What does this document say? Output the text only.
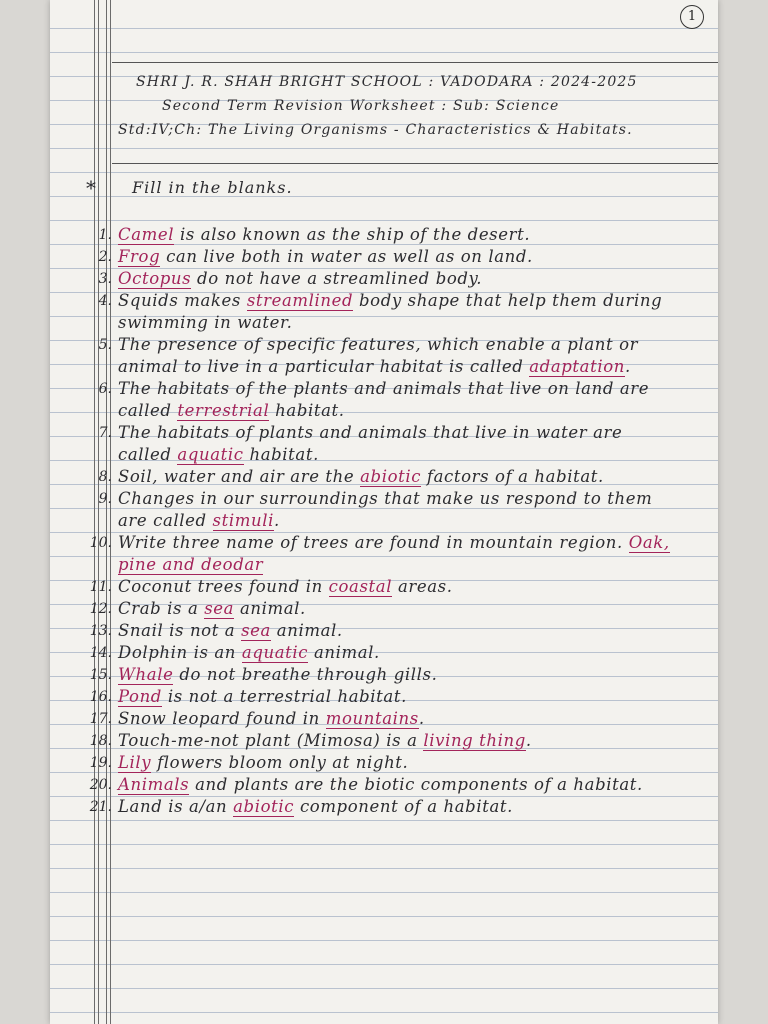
1
SHRI J. R. SHAH BRIGHT SCHOOL : VADODARA : 2024-2025
Second Term Revision Worksheet : Sub: Science
Std:IV;Ch: The Living Organisms - Characteristics & Habitats.
* Fill in the blanks.
1. Camel is also known as the ship of the desert.
2. Frog can live both in water as well as on land.
3. Octopus do not have a streamlined body.
4. Squids makes streamlined body shape that help them during swimming in water.
5. The presence of specific features, which enable a plant or animal to live in a particular habitat is called adaptation.
6. The habitats of the plants and animals that live on land are called terrestrial habitat.
7. The habitats of plants and animals that live in water are called aquatic habitat.
8. Soil, water and air are the abiotic factors of a habitat.
9. Changes in our surroundings that make us respond to them are called stimuli.
10. Write three name of trees are found in mountain region. Oak, pine and deodar
11. Coconut trees found in coastal areas.
12. Crab is a sea animal.
13. Snail is not a sea animal.
14. Dolphin is an aquatic animal.
15. Whale do not breathe through gills.
16. Pond is not a terrestrial habitat.
17. Snow leopard found in mountains.
18. Touch-me-not plant (Mimosa) is a living thing.
19. Lily flowers bloom only at night.
20. Animals and plants are the biotic components of a habitat.
21. Land is a/an abiotic component of a habitat.
